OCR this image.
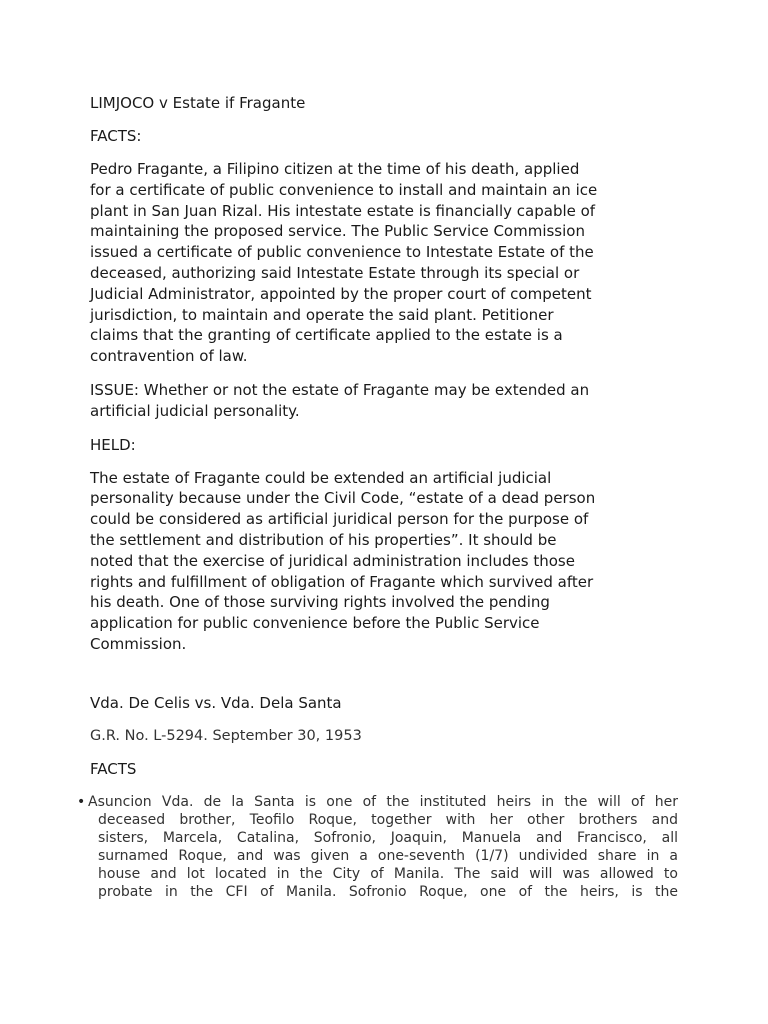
LIMJOCO v Estate if Fragante
FACTS:
Pedro Fragante, a Filipino citizen at the time of his death, applied
for a certificate of public convenience to install and maintain an ice
plant in San Juan Rizal. His intestate estate is financially capable of
maintaining the proposed service. The Public Service Commission
issued a certificate of public convenience to Intestate Estate of the
deceased, authorizing said Intestate Estate through its special or
Judicial Administrator, appointed by the proper court of competent
jurisdiction, to maintain and operate the said plant. Petitioner
claims that the granting of certificate applied to the estate is a
contravention of law.
ISSUE: Whether or not the estate of Fragante may be extended an
artificial judicial personality.
HELD:
The estate of Fragante could be extended an artificial judicial
personality because under the Civil Code, “estate of a dead person
could be considered as artificial juridical person for the purpose of
the settlement and distribution of his properties”. It should be
noted that the exercise of juridical administration includes those
rights and fulfillment of obligation of Fragante which survived after
his death. One of those surviving rights involved the pending
application for public convenience before the Public Service
Commission.
Vda. De Celis vs. Vda. Dela Santa
G.R. No. L-5294. September 30, 1953
FACTS
• Asuncion Vda. de la Santa is one of the instituted heirs in the will of her
deceased brother, Teofilo Roque, together with her other brothers and
sisters, Marcela, Catalina, Sofronio, Joaquin, Manuela and Francisco, all
surnamed Roque, and was given a one-seventh (1/7) undivided share in a
house and lot located in the City of Manila. The said will was allowed to
probate in the CFI of Manila. Sofronio Roque, one of the heirs, is the
